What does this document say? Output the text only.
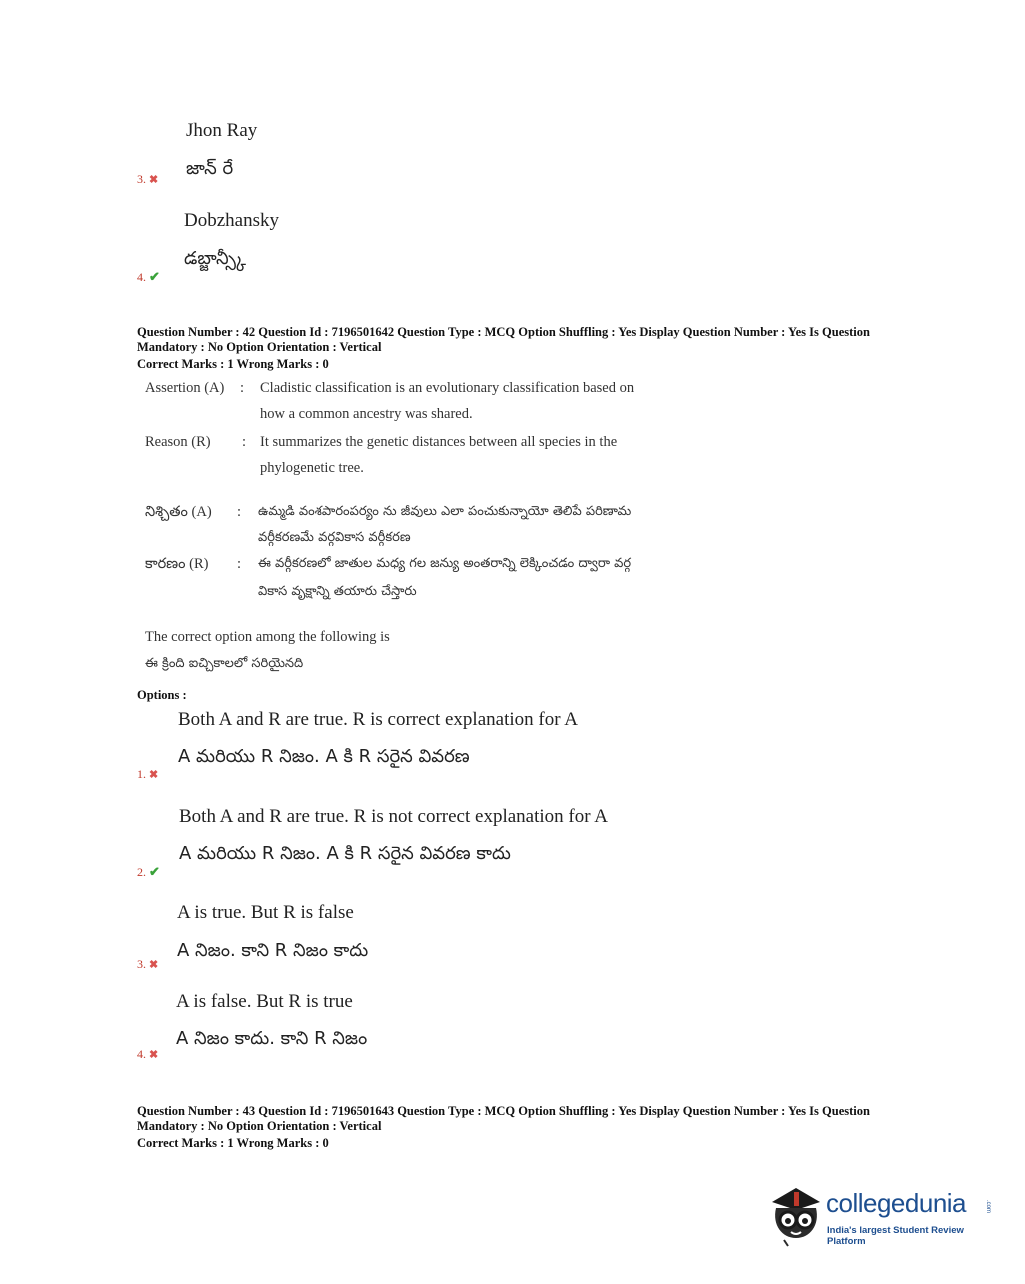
Jhon Ray
జాన్ రే
3. ✖
Dobzhansky
డబ్జాన్స్కీ
4. ✔
Question Number : 42 Question Id : 7196501642 Question Type : MCQ Option Shuffling : Yes Display Question Number : Yes Is Question
Mandatory : No Option Orientation : Vertical
Correct Marks : 1 Wrong Marks : 0
Assertion (A) : Cladistic classification is an evolutionary classification based on
how a common ancestry was shared.
Reason (R) : It summarizes the genetic distances between all species in the
phylogenetic tree.
నిశ్చితం (A) : ఉమ్మడి వంశపారంపర్యం ను జీవులు ఎలా పంచుకున్నాయో తెలిపే పరిణామ
వర్గీకరణమే వర్గవికాస వర్గీకరణ
కారణం (R) : ఈ వర్గీకరణలో జాతుల మధ్య గల జన్యు అంతరాన్ని లెక్కించడం ద్వారా వర్గ
వికాస వృక్షాన్ని తయారు చేస్తారు
The correct option among the following is
ఈ క్రింది ఐచ్చికాలలో సరియైనది
Options :
Both A and R are true. R is correct explanation for A
A మరియు R నిజం. A కి R సరైన వివరణ
1. ✖
Both A and R are true. R is not correct explanation for A
A మరియు R నిజం. A కి R సరైన వివరణ కాదు
2. ✔
A is true. But R is false
A నిజం. కాని R నిజం కాదు
3. ✖
A is false. But R is true
A నిజం కాదు. కాని R నిజం
4. ✖
Question Number : 43 Question Id : 7196501643 Question Type : MCQ Option Shuffling : Yes Display Question Number : Yes Is Question
Mandatory : No Option Orientation : Vertical
Correct Marks : 1 Wrong Marks : 0
collegedunia	.com
India's largest Student Review Platform
